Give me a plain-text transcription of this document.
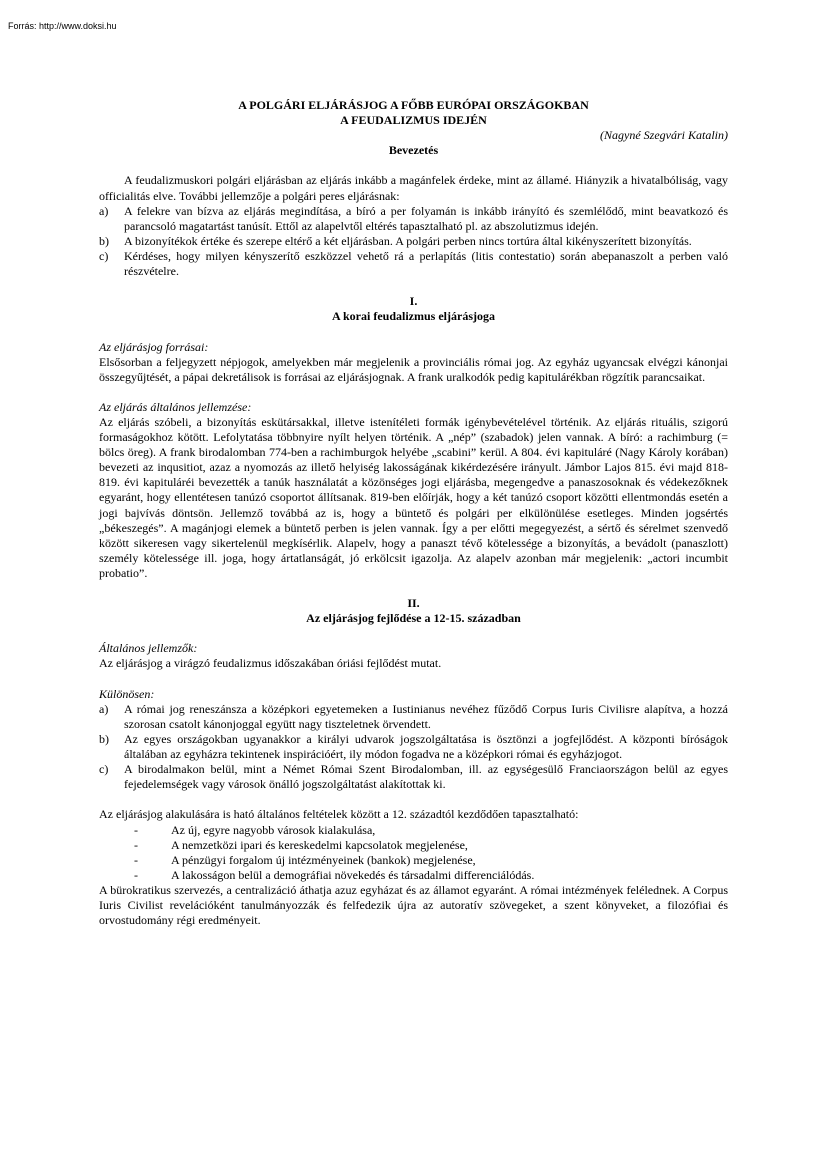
Forrás: http://www.doksi.hu
A POLGÁRI ELJÁRÁSJOG A FŐBB EURÓPAI ORSZÁGOKBAN
A FEUDALIZMUS IDEJÉN
(Nagyné Szegvári Katalin)
Bevezetés
A feudalizmuskori polgári eljárásban az eljárás inkább a magánfelek érdeke, mint az államé. Hiányzik a hivatalbóliság, vagy officialitás elve. További jellemzője a polgári peres eljárásnak:
a)	A felekre van bízva az eljárás megindítása, a bíró a per folyamán is inkább irányító és szemlélődő, mint beavatkozó és parancsoló magatartást tanúsít. Ettől az alapelvtől eltérés tapasztalható pl. az abszolutizmus idején.
b)	A bizonyítékok értéke és szerepe eltérő a két eljárásban. A polgári perben nincs tortúra által kikényszerített bizonyítás.
c)	Kérdéses, hogy milyen kényszerítő eszközzel vehető rá a perlapítás (litis contestatio) során abepanaszolt a perben való részvételre.
I.
A korai feudalizmus eljárásjoga
Az eljárásjog forrásai:
Elsősorban a feljegyzett népjogok, amelyekben már megjelenik a provinciális római jog. Az egyház ugyancsak elvégzi kánonjai összegyűjtését, a pápai dekretálisok is forrásai az eljárásjognak. A frank uralkodók pedig kapitulárékban rögzítik parancsaikat.
Az eljárás általános jellemzése:
Az eljárás szóbeli, a bizonyítás eskütársakkal, illetve istenítéleti formák igénybevételével történik. Az eljárás rituális, szigorú formaságokhoz kötött. Lefolytatása többnyire nyílt helyen történik. A „nép” (szabadok) jelen vannak. A bíró: a rachimburg (= bölcs öreg). A frank birodalomban 774-ben a rachimburgok helyébe „scabini” kerül. A 804. évi kapituláré (Nagy Károly korában) bevezeti az inqusitiot, azaz a nyomozás az illető helyiség lakosságának kikérdezésére irányult. Jámbor Lajos 815. évi majd 818-819. évi kapituláréi bevezették a tanúk használatát a közönséges jogi eljárásba, megengedve a panaszosoknak és védekezőknek egyaránt, hogy ellentétesen tanúzó csoportot állítsanak. 819-ben előírják, hogy a két tanúzó csoport közötti ellentmondás esetén a jogi bajvívás döntsön. Jellemző továbbá az is, hogy a büntető és polgári per elkülönülése esetleges. Minden jogsértés „békeszegés”. A magánjogi elemek a büntető perben is jelen vannak. Így a per előtti megegyezést, a sértő és sérelmet szenvedő között sikeresen vagy sikertelenül megkísérlik. Alapelv, hogy a panaszt tévő kötelessége a bizonyítás, a bevádolt (panaszlott) személy kötelessége ill. joga, hogy ártatlanságát, jó erkölcsit igazolja. Az alapelv azonban már megjelenik: „actori incumbit probatio”.
II.
Az eljárásjog fejlődése a 12-15. században
Általános jellemzők:
Az eljárásjog a virágzó feudalizmus időszakában óriási fejlődést mutat.
Különösen:
a)	A római jog reneszánsza a középkori egyetemeken a Iustinianus nevéhez fűződő Corpus Iuris Civilisre alapítva, a hozzá szorosan csatolt kánonjoggal együtt nagy tiszteletnek örvendett.
b)	Az egyes országokban ugyanakkor a királyi udvarok jogszolgáltatása is ösztönzi a jogfejlődést. A központi bíróságok általában az egyházra tekintenek inspirációért, ily módon fogadva ne a középkori római és egyházjogot.
c)	A birodalmakon belül, mint a Német Római Szent Birodalomban, ill. az egységesülő Franciaországon belül az egyes fejedelemségek vagy városok önálló jogszolgáltatást alakítottak ki.
Az eljárásjog alakulására is ható általános feltételek között a 12. századtól kezdődően tapasztalható:
-	Az új, egyre nagyobb városok kialakulása,
-	A nemzetközi ipari és kereskedelmi kapcsolatok megjelenése,
-	A pénzügyi forgalom új intézményeinek (bankok) megjelenése,
-	A lakosságon belül a demográfiai növekedés és társadalmi differenciálódás.
A bürokratikus szervezés, a centralizáció áthatja azuz egyházat és az államot egyaránt. A római intézmények felélednek. A Corpus Iuris Civilist revelációként tanulmányozzák és felfedezik újra az autoratív szövegeket, a szent könyveket, a filozófiai és orvostudomány régi eredményeit.
